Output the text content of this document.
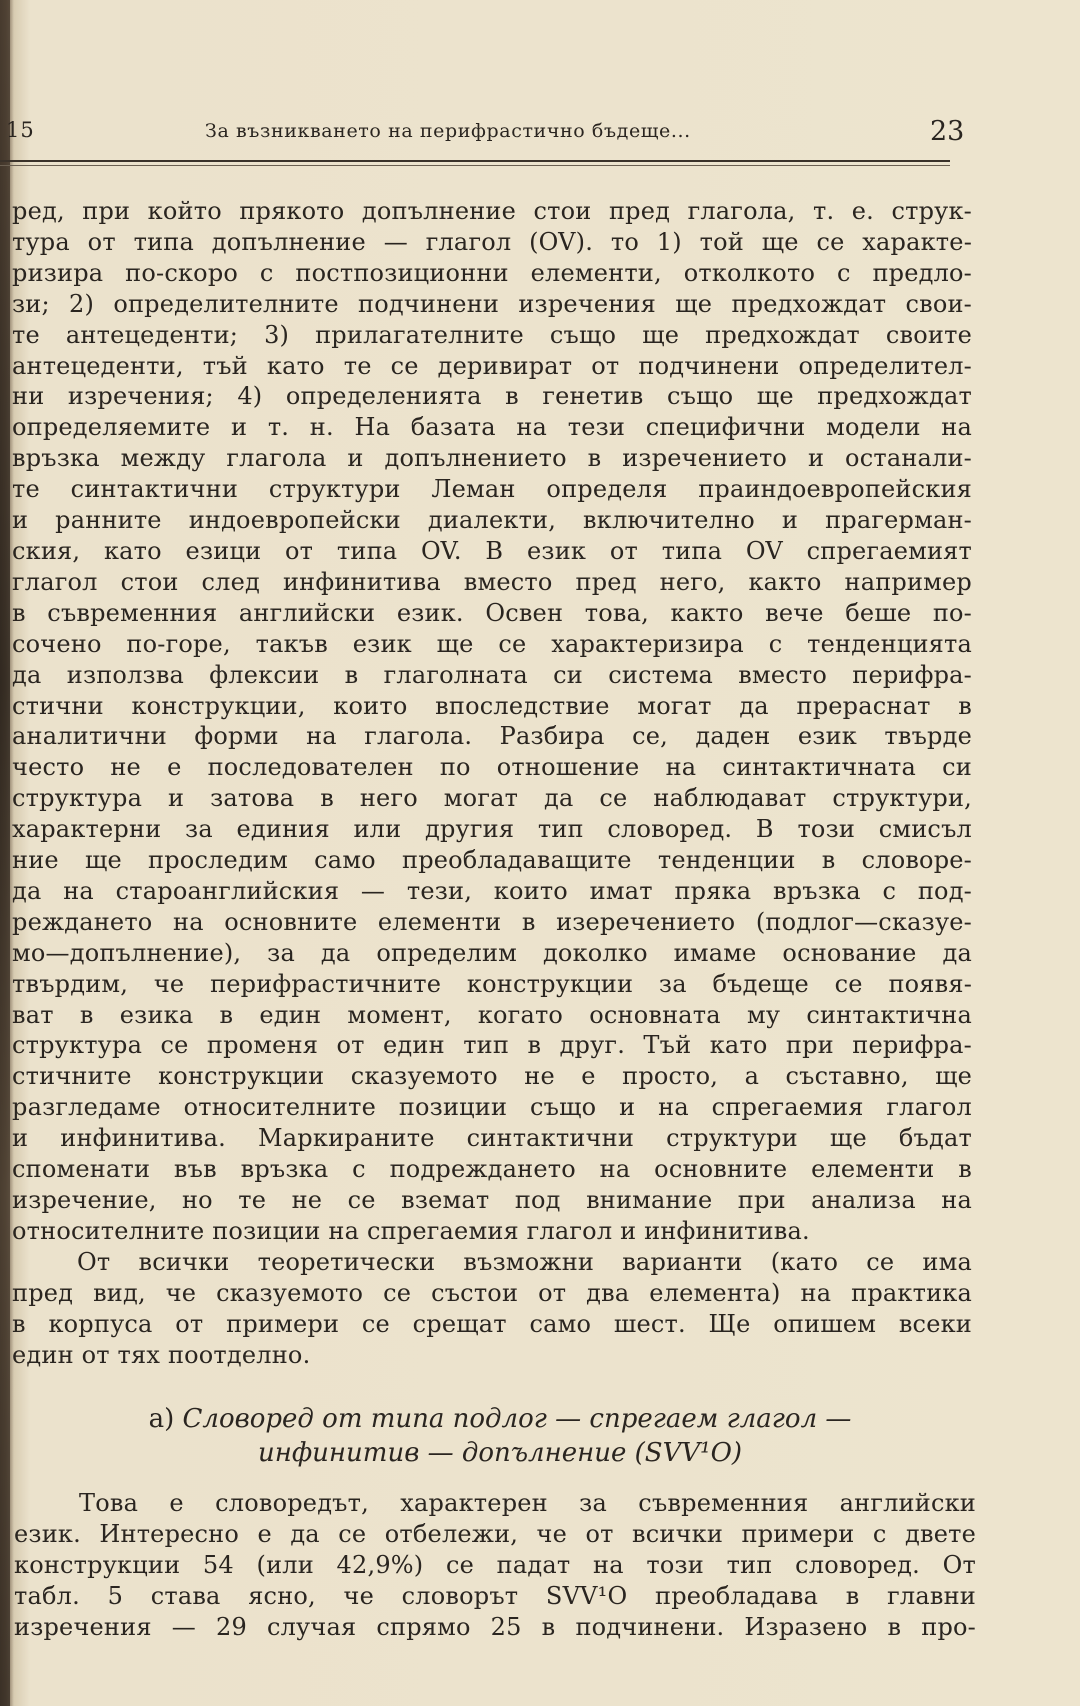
15	За възникването на перифрастично бъдеще...	23
ред, при който прякото допълнение стои пред глагола, т. е. струк-
тура от типа допълнение — глагол (OV). то 1) той ще се характе-
ризира по-скоро с постпозиционни елементи, отколкото с предло-
зи; 2) определителните подчинени изречения ще предхождат свои-
те антецеденти; 3) прилагателните също ще предхождат своите
антецеденти, тъй като те се деривират от подчинени определител-
ни изречения; 4) определенията в генетив също ще предхождат
определяемите и т. н. На базата на тези специфични модели на
връзка между глагола и допълнението в изречението и останали-
те синтактични структури Леман определя праиндоевропейския
и ранните индоевропейски диалекти, включително и прагерман-
ския, като езици от типа OV. В език от типа OV спрегаемият
глагол стои след инфинитива вместо пред него, както например
в съвременния английски език. Освен това, както вече беше по-
сочено по-горе, такъв език ще се характеризира с тенденцията
да използва флексии в глаголната си система вместо перифра-
стични конструкции, които впоследствие могат да прераснат в
аналитични форми на глагола. Разбира се, даден език твърде
често не е последователен по отношение на синтактичната си
структура и затова в него могат да се наблюдават структури,
характерни за единия или другия тип словоред. В този смисъл
ние ще проследим само преобладаващите тенденции в словоре-
да на староанглийския — тези, които имат пряка връзка с под-
реждането на основните елементи в изеречението (подлог—сказуе-
мо—допълнение), за да определим доколко имаме основание да
твърдим, че перифрастичните конструкции за бъдеще се появя-
ват в езика в един момент, когато основната му синтактична
структура се променя от един тип в друг. Тъй като при перифра-
стичните конструкции сказуемото не е просто, а съставно, ще
разгледаме относителните позиции също и на спрегаемия глагол
и инфинитива. Маркираните синтактични структури ще бъдат
споменати във връзка с подреждането на основните елементи в
изречение, но те не се вземат под внимание при анализа на
относителните позиции на спрегаемия глагол и инфинитива.
От всички теоретически възможни варианти (като се има
пред вид, че сказуемото се състои от два елемента) на практика
в корпуса от примери се срещат само шест. Ще опишем всеки
един от тях поотделно.
а) Словоред от типа подлог — спрегаем глагол —
инфинитив — допълнение (SVV¹O)
Това е словоредът, характерен за съвременния английски
език. Интересно е да се отбележи, че от всички примери с двете
конструкции 54 (или 42,9%) се падат на този тип словоред. От
табл. 5 става ясно, че словорът SVV¹O преобладава в главни
изречения — 29 случая спрямо 25 в подчинени. Изразено в про-
